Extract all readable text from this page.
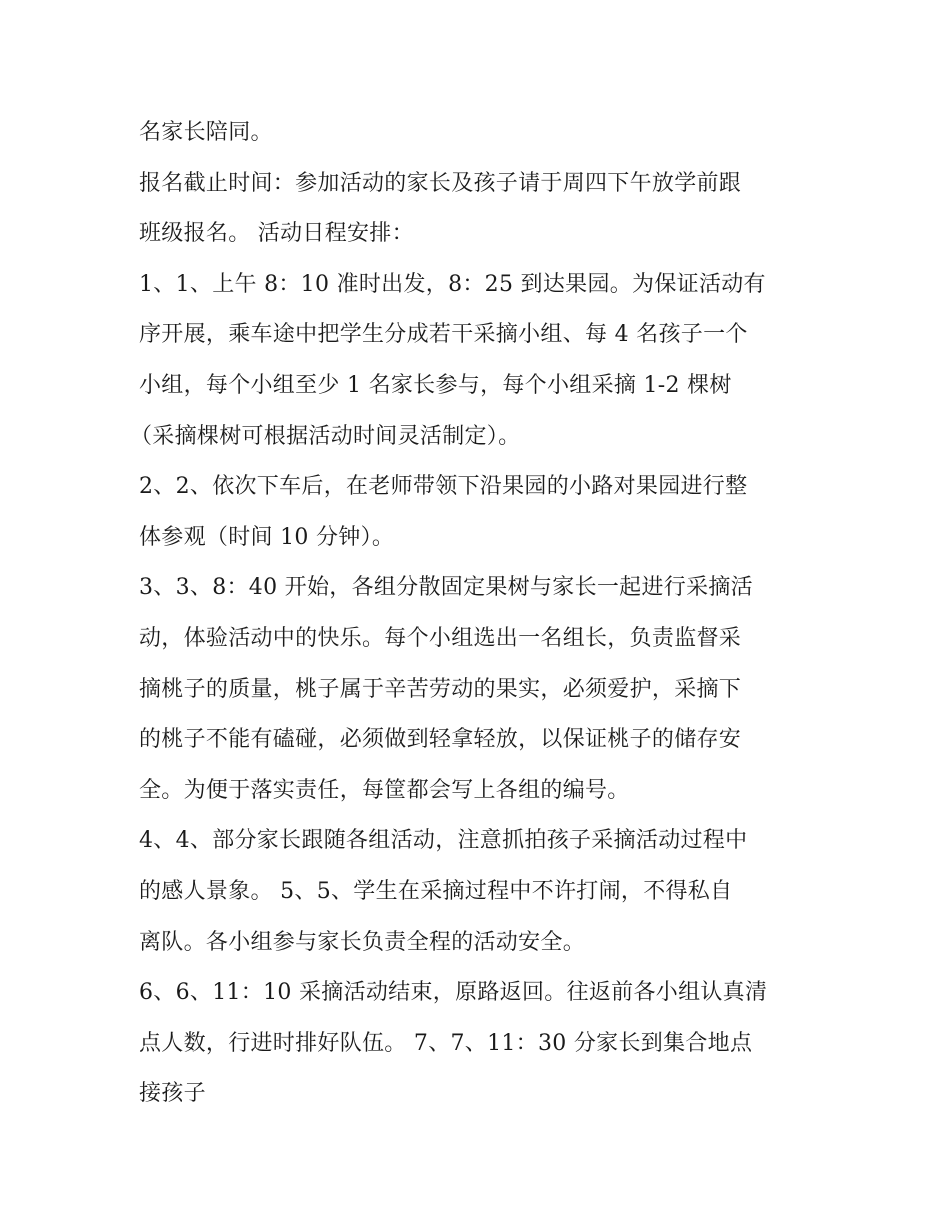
名家长陪同。
报名截止时间：参加活动的家长及孩子请于周四下午放学前跟
班级报名。 活动日程安排：
1、1、上午 8：10 准时出发，8：25 到达果园。为保证活动有
序开展，乘车途中把学生分成若干采摘小组、每 4 名孩子一个
小组，每个小组至少 1 名家长参与，每个小组采摘 1-2 棵树
（采摘棵树可根据活动时间灵活制定）。
2、2、依次下车后，在老师带领下沿果园的小路对果园进行整
体参观（时间 10 分钟）。
3、3、8：40 开始，各组分散固定果树与家长一起进行采摘活
动，体验活动中的快乐。每个小组选出一名组长，负责监督采
摘桃子的质量，桃子属于辛苦劳动的果实，必须爱护，采摘下
的桃子不能有磕碰，必须做到轻拿轻放，以保证桃子的储存安
全。为便于落实责任，每筐都会写上各组的编号。
4、4、部分家长跟随各组活动，注意抓拍孩子采摘活动过程中
的感人景象。 5、5、学生在采摘过程中不许打闹，不得私自
离队。各小组参与家长负责全程的活动安全。
6、6、11：10 采摘活动结束，原路返回。往返前各小组认真清
点人数，行进时排好队伍。 7、7、11：30 分家长到集合地点
接孩子
